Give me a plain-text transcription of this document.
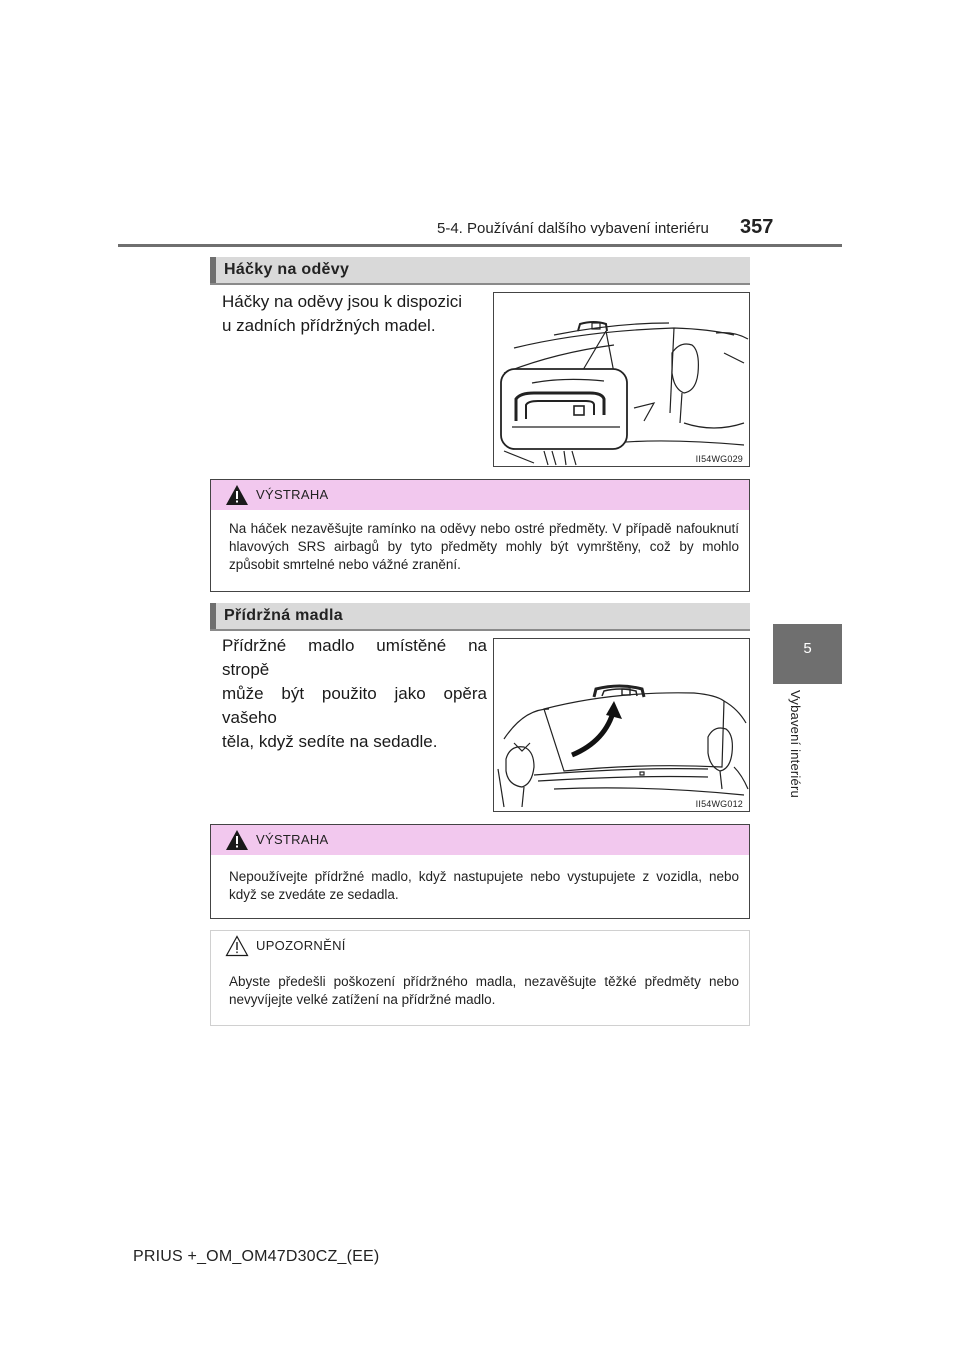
5-4. Používání dalšího vybavení interiéru 357
5
Vybavení interiéru
Háčky na oděvy
Háčky na oděvy jsou k dispozici
u zadních přídržných madel.
II54WG029
VÝSTRAHA
Na háček nezavěšujte ramínko na oděvy nebo ostré předměty. V případě nafouknutí hlavových SRS airbagů by tyto předměty mohly být vymrštěny, což by mohlo způsobit smrtelné nebo vážné zranění.
Přídržná madla
Přídržné madlo umístěné na stropě
může být použito jako opěra vašeho
těla, když sedíte na sedadle.
II54WG012
VÝSTRAHA
Nepoužívejte přídržné madlo, když nastupujete nebo vystupujete z vozidla, nebo když se zvedáte ze sedadla.
UPOZORNĚNÍ
Abyste předešli poškození přídržného madla, nezavěšujte těžké předměty nebo nevyvíjejte velké zatížení na přídržné madlo.
PRIUS +_OM_OM47D30CZ_(EE)
